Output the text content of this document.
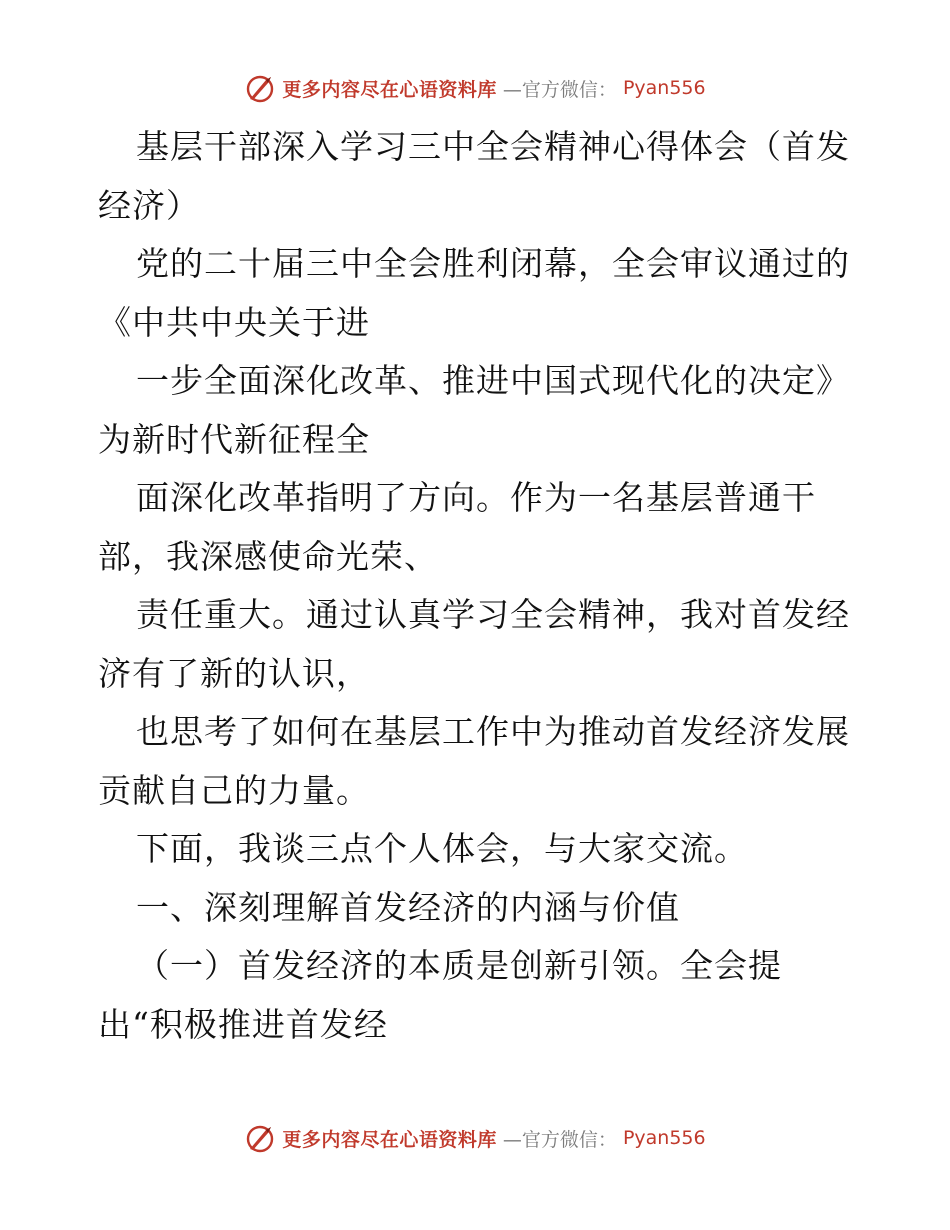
更多内容尽在心语资料库 —官方微信： Pyan556
基层干部深入学习三中全会精神心得体会（首发
经济）
党的二十届三中全会胜利闭幕，全会审议通过的
《中共中央关于进
一步全面深化改革、推进中国式现代化的决定》
为新时代新征程全
面深化改革指明了方向。作为一名基层普通干
部，我深感使命光荣、
责任重大。通过认真学习全会精神，我对首发经
济有了新的认识，
也思考了如何在基层工作中为推动首发经济发展
贡献自己的力量。
下面，我谈三点个人体会，与大家交流。
一、深刻理解首发经济的内涵与价值
（一）首发经济的本质是创新引领。全会提
出“积极推进首发经
更多内容尽在心语资料库 —官方微信： Pyan556
